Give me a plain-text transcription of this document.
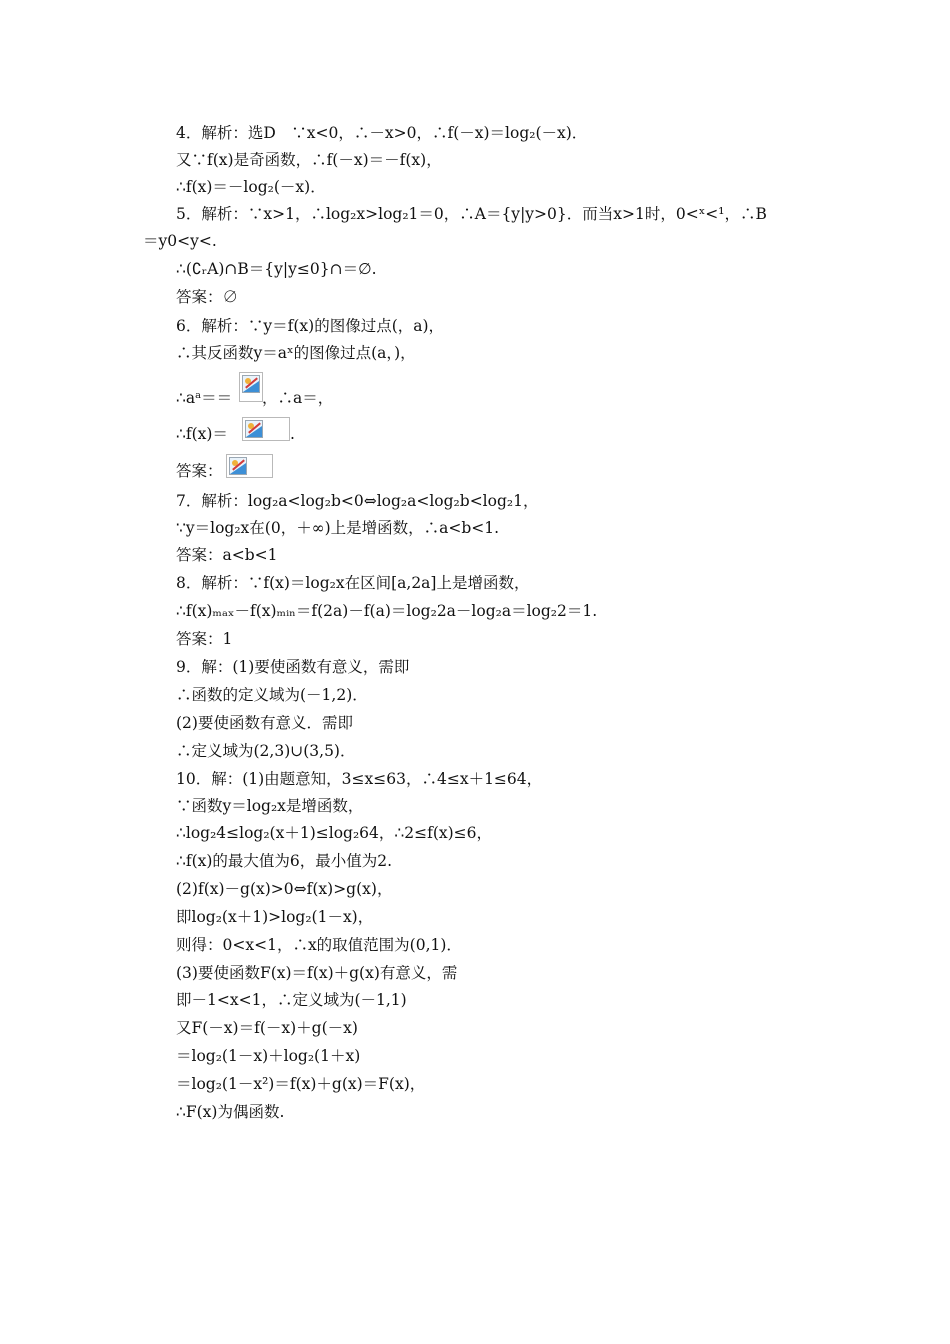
4．解析：选D　∵x<0，∴－x>0，∴f(－x)＝log₂(－x)．
又∵f(x)是奇函数，∴f(－x)＝－f(x)，
∴f(x)＝－log₂(－x)．
5．解析：∵x>1，∴log₂x>log₂1＝0，∴A＝{y|y>0}．而当x>1时，0<ˣ<¹，∴B
＝y0<y<.
∴(∁ᵣA)∩B＝{y|y≤0}∩＝∅.
答案：∅
6．解析：∵y＝f(x)的图像过点(，a)，
∴其反函数y＝aˣ的图像过点(a，)，
∴aᵃ＝＝ ，∴a＝，
∴f(x)＝	.
答案：
7．解析：log₂a<log₂b<0⇔log₂a<log₂b<log₂1，
∵y＝log₂x在(0，＋∞)上是增函数，∴a<b<1.
答案：a<b<1
8．解析：∵f(x)＝log₂x在区间[a,2a]上是增函数，
∴f(x)ₘₐₓ－f(x)ₘᵢₙ＝f(2a)－f(a)＝log₂2a－log₂a＝log₂2＝1.
答案：1
9．解：(1)要使函数有意义，需即
∴函数的定义域为(－1,2)．
(2)要使函数有意义．需即
∴定义域为(2,3)∪(3,5)．
10．解：(1)由题意知，3≤x≤63，∴4≤x＋1≤64，
∵函数y＝log₂x是增函数，
∴log₂4≤log₂(x＋1)≤log₂64，∴2≤f(x)≤6，
∴f(x)的最大值为6，最小值为2.
(2)f(x)－g(x)>0⇔f(x)>g(x)，
即log₂(x＋1)>log₂(1－x)，
则得：0<x<1，∴x的取值范围为(0,1)．
(3)要使函数F(x)＝f(x)＋g(x)有意义，需
即－1<x<1，∴定义域为(－1,1)
又F(－x)＝f(－x)＋g(－x)
＝log₂(1－x)＋log₂(1＋x)
＝log₂(1－x²)＝f(x)＋g(x)＝F(x)，
∴F(x)为偶函数.
